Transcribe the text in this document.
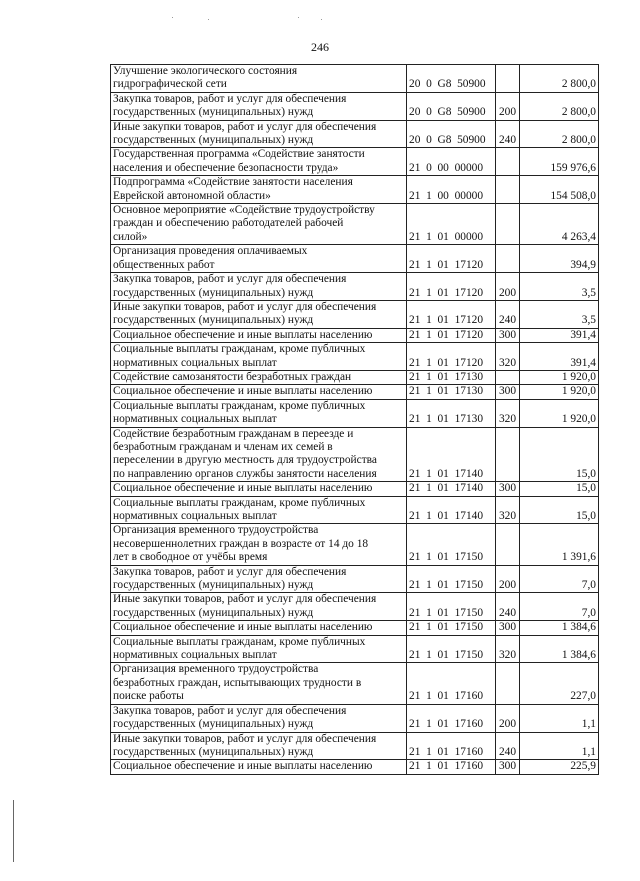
246
Улучшение экологического состояния
гидрографической сети	20  0  G8  50900		2 800,0
Закупка товаров, работ и услуг для обеспечения
государственных (муниципальных) нужд	20  0  G8  50900	200	2 800,0
Иные закупки товаров, работ и услуг для обеспечения
государственных (муниципальных) нужд	20  0  G8  50900	240	2 800,0
Государственная программа «Содействие занятости
населения и обеспечение безопасности труда»	21  0  00  00000		159 976,6
Подпрограмма «Содействие занятости населения
Еврейской автономной области»	21  1  00  00000		154 508,0
Основное мероприятие «Содействие трудоустройству
граждан и обеспечению работодателей рабочей
силой»	21  1  01  00000		4 263,4
Организация проведения оплачиваемых
общественных работ	21  1  01  17120		394,9
Закупка товаров, работ и услуг для обеспечения
государственных (муниципальных) нужд	21  1  01  17120	200	3,5
Иные закупки товаров, работ и услуг для обеспечения
государственных (муниципальных) нужд	21  1  01  17120	240	3,5
Социальное обеспечение и иные выплаты населению	21  1  01  17120	300	391,4
Социальные выплаты гражданам, кроме публичных
нормативных социальных выплат	21  1  01  17120	320	391,4
Содействие самозанятости безработных граждан	21  1  01  17130		1 920,0
Социальное обеспечение и иные выплаты населению	21  1  01  17130	300	1 920,0
Социальные выплаты гражданам, кроме публичных
нормативных социальных выплат	21  1  01  17130	320	1 920,0
Содействие безработным гражданам в переезде и
безработным гражданам и членам их семей в
переселении в другую местность для трудоустройства
по направлению органов службы занятости населения	21  1  01  17140		15,0
Социальное обеспечение и иные выплаты населению	21  1  01  17140	300	15,0
Социальные выплаты гражданам, кроме публичных
нормативных социальных выплат	21  1  01  17140	320	15,0
Организация временного трудоустройства
несовершеннолетних граждан в возрасте от 14 до 18
лет в свободное от учёбы время	21  1  01  17150		1 391,6
Закупка товаров, работ и услуг для обеспечения
государственных (муниципальных) нужд	21  1  01  17150	200	7,0
Иные закупки товаров, работ и услуг для обеспечения
государственных (муниципальных) нужд	21  1  01  17150	240	7,0
Социальное обеспечение и иные выплаты населению	21  1  01  17150	300	1 384,6
Социальные выплаты гражданам, кроме публичных
нормативных социальных выплат	21  1  01  17150	320	1 384,6
Организация временного трудоустройства
безработных граждан, испытывающих трудности в
поиске работы	21  1  01  17160		227,0
Закупка товаров, работ и услуг для обеспечения
государственных (муниципальных) нужд	21  1  01  17160	200	1,1
Иные закупки товаров, работ и услуг для обеспечения
государственных (муниципальных) нужд	21  1  01  17160	240	1,1
Социальное обеспечение и иные выплаты населению	21  1  01  17160	300	225,9
